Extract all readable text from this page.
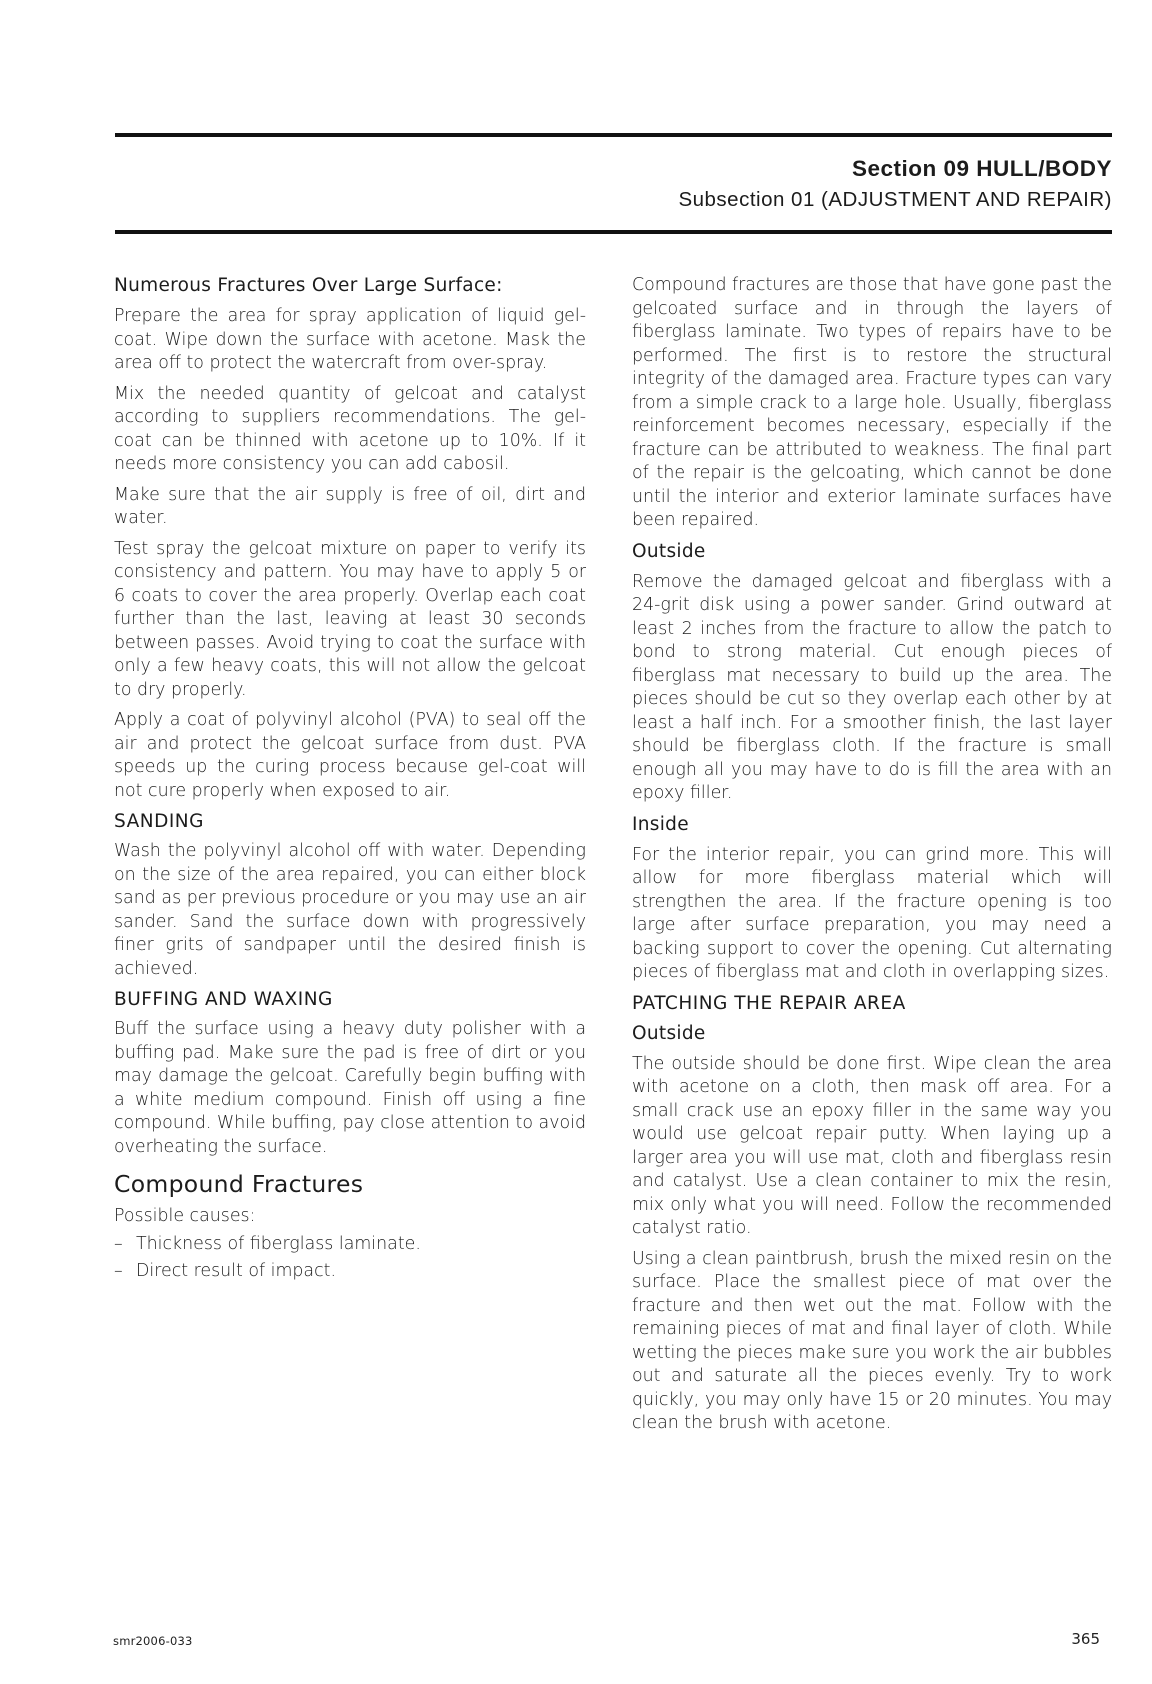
Section 09 HULL/BODY
Subsection 01 (ADJUSTMENT AND REPAIR)
Numerous Fractures Over Large Surface:

Prepare the area for spray application of liquid gel-coat. Wipe down the surface with acetone. Mask the area off to protect the watercraft from over-spray.

Mix the needed quantity of gelcoat and catalyst according to suppliers recommendations. The gel-coat can be thinned with acetone up to 10%. If it needs more consistency you can add cabosil.

Make sure that the air supply is free of oil, dirt and water.

Test spray the gelcoat mixture on paper to verify its consistency and pattern. You may have to apply 5 or 6 coats to cover the area properly. Overlap each coat further than the last, leaving at least 30 seconds between passes. Avoid trying to coat the surface with only a few heavy coats, this will not allow the gelcoat to dry properly.

Apply a coat of polyvinyl alcohol (PVA) to seal off the air and protect the gelcoat surface from dust. PVA speeds up the curing process because gel-coat will not cure properly when exposed to air.

SANDING

Wash the polyvinyl alcohol off with water. Depending on the size of the area repaired, you can either block sand as per previous procedure or you may use an air sander. Sand the surface down with progressively finer grits of sandpaper until the desired finish is achieved.

BUFFING AND WAXING

Buff the surface using a heavy duty polisher with a buffing pad. Make sure the pad is free of dirt or you may damage the gelcoat. Carefully begin buffing with a white medium compound. Finish off using a fine compound. While buffing, pay close attention to avoid overheating the surface.

Compound Fractures

Possible causes:

– Thickness of fiberglass laminate.
– Direct result of impact.

Compound fractures are those that have gone past the gelcoated surface and in through the layers of fiberglass laminate. Two types of repairs have to be performed. The first is to restore the structural integrity of the damaged area. Fracture types can vary from a simple crack to a large hole. Usually, fiberglass reinforcement becomes necessary, especially if the fracture can be attributed to weakness. The final part of the repair is the gelcoating, which cannot be done until the interior and exterior laminate surfaces have been repaired.

Outside

Remove the damaged gelcoat and fiberglass with a 24-grit disk using a power sander. Grind outward at least 2 inches from the fracture to allow the patch to bond to strong material. Cut enough pieces of fiberglass mat necessary to build up the area. The pieces should be cut so they overlap each other by at least a half inch. For a smoother finish, the last layer should be fiberglass cloth. If the fracture is small enough all you may have to do is fill the area with an epoxy filler.

Inside

For the interior repair, you can grind more. This will allow for more fiberglass material which will strengthen the area. If the fracture opening is too large after surface preparation, you may need a backing support to cover the opening. Cut alternating pieces of fiberglass mat and cloth in overlapping sizes.

PATCHING THE REPAIR AREA
Outside

The outside should be done first. Wipe clean the area with acetone on a cloth, then mask off area. For a small crack use an epoxy filler in the same way you would use gelcoat repair putty. When laying up a larger area you will use mat, cloth and fiberglass resin and catalyst. Use a clean container to mix the resin, mix only what you will need. Follow the recommended catalyst ratio.

Using a clean paintbrush, brush the mixed resin on the surface. Place the smallest piece of mat over the fracture and then wet out the mat. Follow with the remaining pieces of mat and final layer of cloth. While wetting the pieces make sure you work the air bubbles out and saturate all the pieces evenly. Try to work quickly, you may only have 15 or 20 minutes. You may clean the brush with acetone.

smr2006-033	365
